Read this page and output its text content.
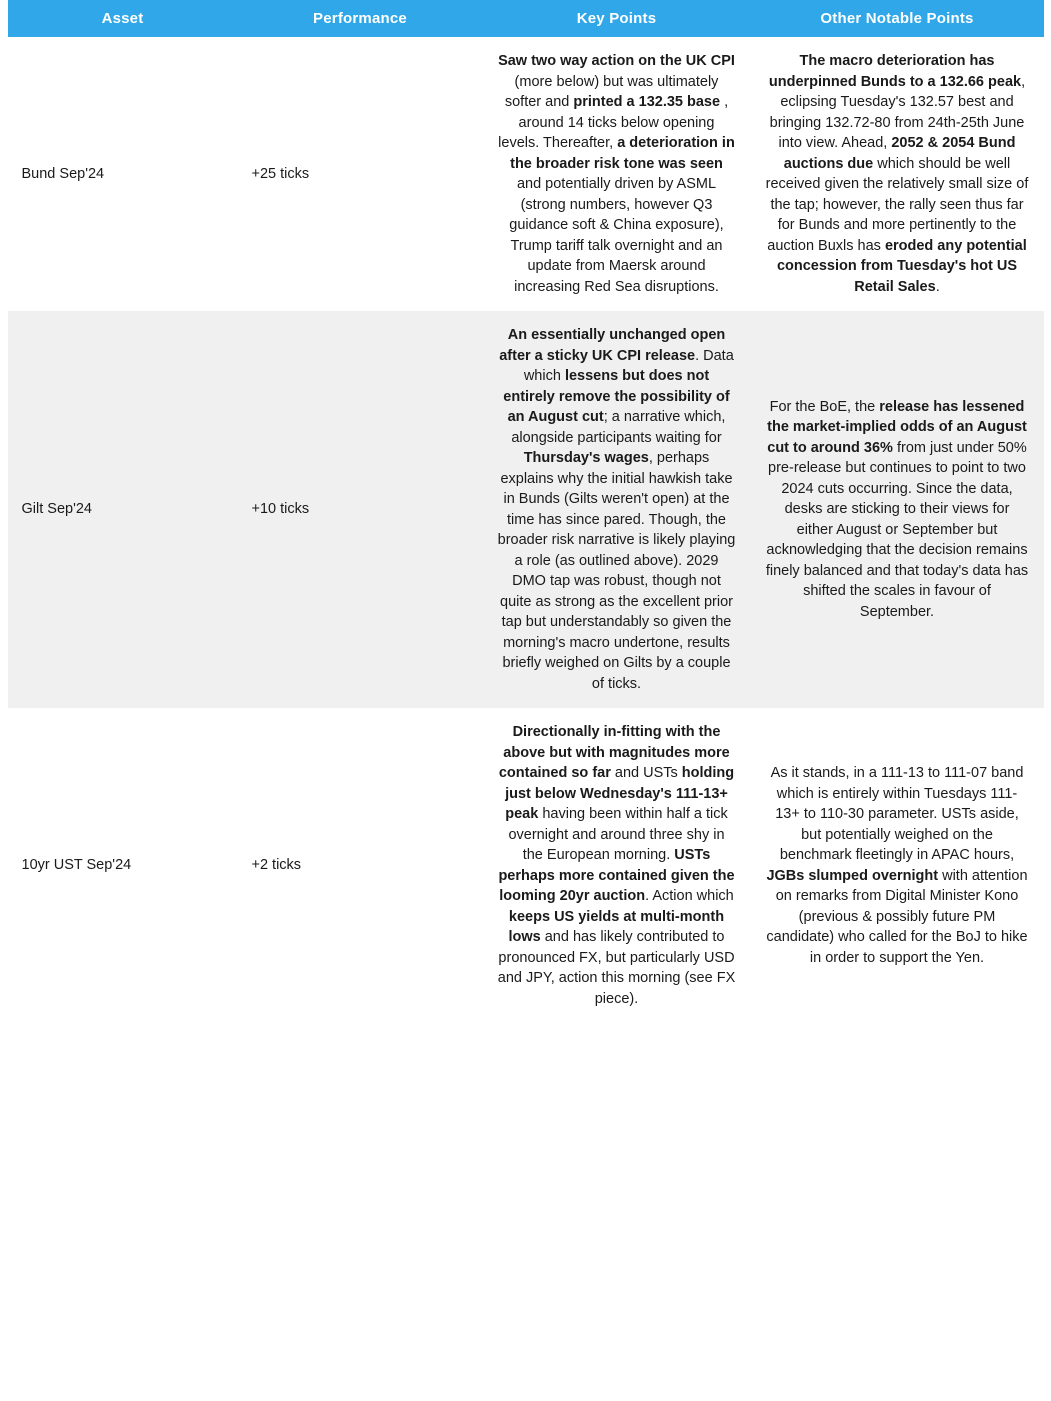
Asset	Performance	Key Points	Other Notable Points
Bund Sep'24	+25 ticks	Saw two way action on the UK CPI (more below) but was ultimately softer and printed a 132.35 base , around 14 ticks below opening levels. Thereafter, a deterioration in the broader risk tone was seen and potentially driven by ASML (strong numbers, however Q3 guidance soft & China exposure), Trump tariff talk overnight and an update from Maersk around increasing Red Sea disruptions.	The macro deterioration has underpinned Bunds to a 132.66 peak, eclipsing Tuesday's 132.57 best and bringing 132.72-80 from 24th-25th June into view. Ahead, 2052 & 2054 Bund auctions due which should be well received given the relatively small size of the tap; however, the rally seen thus far for Bunds and more pertinently to the auction Buxls has eroded any potential concession from Tuesday's hot US Retail Sales.
Gilt Sep'24	+10 ticks	An essentially unchanged open after a sticky UK CPI release. Data which lessens but does not entirely remove the possibility of an August cut; a narrative which, alongside participants waiting for Thursday's wages, perhaps explains why the initial hawkish take in Bunds (Gilts weren't open) at the time has since pared. Though, the broader risk narrative is likely playing a role (as outlined above). 2029 DMO tap was robust, though not quite as strong as the excellent prior tap but understandably so given the morning's macro undertone, results briefly weighed on Gilts by a couple of ticks.	For the BoE, the release has lessened the market-implied odds of an August cut to around 36% from just under 50% pre-release but continues to point to two 2024 cuts occurring. Since the data, desks are sticking to their views for either August or September but acknowledging that the decision remains finely balanced and that today's data has shifted the scales in favour of September.
10yr UST Sep'24	+2 ticks	Directionally in-fitting with the above but with magnitudes more contained so far and USTs holding just below Wednesday's 111-13+ peak having been within half a tick overnight and around three shy in the European morning. USTs perhaps more contained given the looming 20yr auction. Action which keeps US yields at multi-month lows and has likely contributed to pronounced FX, but particularly USD and JPY, action this morning (see FX piece).	As it stands, in a 111-13 to 111-07 band which is entirely within Tuesdays 111-13+ to 110-30 parameter. USTs aside, but potentially weighed on the benchmark fleetingly in APAC hours, JGBs slumped overnight with attention on remarks from Digital Minister Kono (previous & possibly future PM candidate) who called for the BoJ to hike in order to support the Yen.
